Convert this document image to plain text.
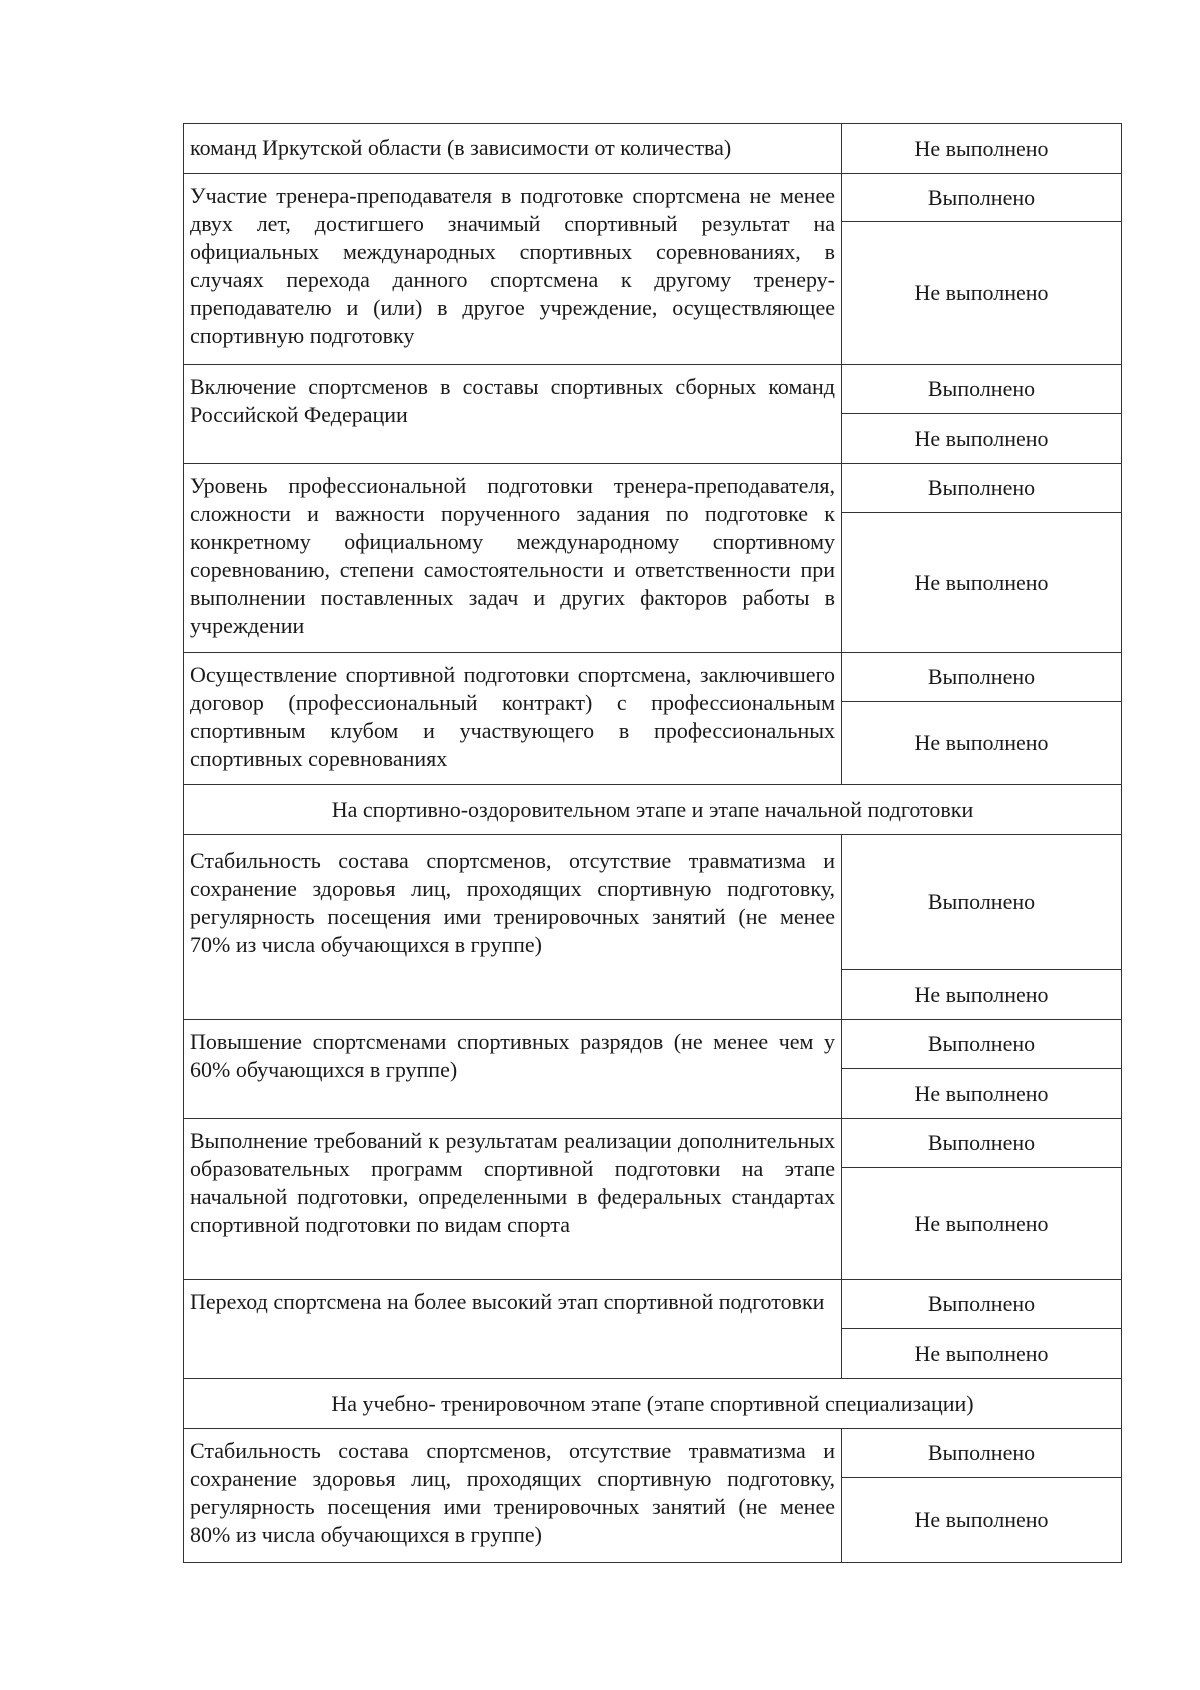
команд Иркутской области (в зависимости от количества)	Не выполнено

Участие тренера-преподавателя в подготовке спортсмена не менее двух лет, достигшего значимый спортивный результат на официальных международных спортивных соревнованиях, в случаях перехода данного спортсмена к другому тренеру-преподавателю и (или) в другое учреждение, осуществляющее спортивную подготовку	Выполнено
	Не выполнено

Включение спортсменов в составы спортивных сборных команд Российской Федерации	Выполнено
	Не выполнено

Уровень профессиональной подготовки тренера-преподавателя, сложности и важности порученного задания по подготовке к конкретному официальному международному спортивному соревнованию, степени самостоятельности и ответственности при выполнении поставленных задач и других факторов работы в учреждении	Выполнено
	Не выполнено

Осуществление спортивной подготовки спортсмена, заключившего договор (профессиональный контракт) с профессиональным спортивным клубом и участвующего в профессиональных спортивных соревнованиях	Выполнено
	Не выполнено
На спортивно-оздоровительном этапе и этапе начальной подготовки	

Стабильность состава спортсменов, отсутствие травматизма и сохранение здоровья лиц, проходящих спортивную подготовку, регулярность посещения ими тренировочных занятий (не менее 70% из числа обучающихся в группе)	Выполнено
	Не выполнено

Повышение спортсменами спортивных разрядов (не менее чем у 60% обучающихся в группе)	Выполнено
	Не выполнено

Выполнение требований к результатам реализации дополнительных образовательных программ спортивной подготовки на этапе начальной подготовки, определенными в федеральных стандартах спортивной подготовки по видам спорта	Выполнено
	Не выполнено

Переход спортсмена на более высокий этап спортивной подготовки	Выполнено
	Не выполнено
На учебно- тренировочном этапе (этапе спортивной специализации)	

Стабильность состава спортсменов, отсутствие травматизма и сохранение здоровья лиц, проходящих спортивную подготовку, регулярность посещения ими тренировочных занятий (не менее 80% из числа обучающихся в группе)	Выполнено
	Не выполнено
